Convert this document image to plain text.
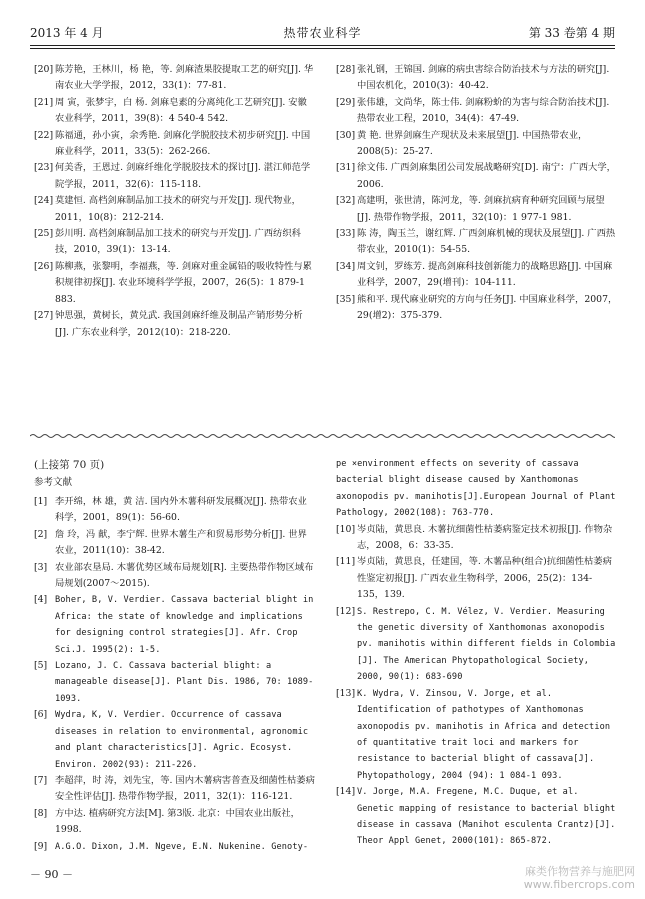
2013 年 4 月	热带农业科学	第 33 卷第 4 期
[20] 陈芳艳，王林川，杨 艳，等. 剑麻渣果胶提取工艺的研究[J]. 华南农业大学学报，2012，33(1)：77-81.
[21] 周 寅，张梦宇，白 杨. 剑麻皂素的分离纯化工艺研究[J]. 安徽农业科学，2011，39(8)：4 540-4 542.
[22] 陈福通，孙小寅，余秀艳. 剑麻化学脱胶技术初步研究[J]. 中国麻业科学，2011，33(5)：262-266.
[23] 何美香，王恩过. 剑麻纤维化学脱胶技术的探讨[J]. 湛江师范学院学报，2011，32(6)：115-118.
[24] 莫建恒. 高档剑麻制品加工技术的研究与开发[J]. 现代物业，2011，10(8)：212-214.
[25] 彭川明. 高档剑麻制品加工技术的研究与开发[J]. 广西纺织科技，2010，39(1)：13-14.
[26] 陈柳燕，张黎明，李福燕，等. 剑麻对重金属铅的吸收特性与累积规律初探[J]. 农业环境科学学报，2007，26(5)：1 879-1 883.
[27] 钟思强，黄树长，黄兑武. 我国剑麻纤维及制品产销形势分析[J]. 广东农业科学，2012(10)：218-220.
[28] 张礼钢，王锦国. 剑麻的病虫害综合防治技术与方法的研究[J]. 中国农机化，2010(3)：40-42.
[29] 张伟雄，文尚华，陈士伟. 剑麻粉蚧的为害与综合防治技术[J]. 热带农业工程，2010，34(4)：47-49.
[30] 黄 艳. 世界剑麻生产现状及未来展望[J]. 中国热带农业，2008(5)：25-27.
[31] 徐文伟. 广西剑麻集团公司发展战略研究[D]. 南宁：广西大学，2006.
[32] 高建明，张世清，陈河龙，等. 剑麻抗病育种研究回顾与展望[J]. 热带作物学报，2011，32(10)：1 977-1 981.
[33] 陈 涛，陶玉兰，谢红辉. 广西剑麻机械的现状及展望[J]. 广西热带农业，2010(1)：54-55.
[34] 周文钊，罗练芳. 提高剑麻科技创新能力的战略思路[J]. 中国麻业科学，2007，29(增刊)：104-111.
[35] 熊和平. 现代麻业研究的方向与任务[J]. 中国麻业科学，2007，29(增2)：375-379.
(上接第 70 页)
参考文献
[1] 李开绵，林 雄，黄 洁. 国内外木薯科研发展概况[J]. 热带农业科学，2001，89(1)：56-60.
[2] 詹 玲，冯 献，李宁辉. 世界木薯生产和贸易形势分析[J]. 世界农业，2011(10)：38-42.
[3] 农业部农垦局. 木薯优势区域布局规划[R]. 主要热带作物区域布局规划(2007～2015).
[4] Boher, B, V. Verdier. Cassava bacterial blight in Africa: the state of knowledge and implications for designing control strategies[J]. Afr. Crop Sci.J. 1995(2): 1-5.
[5] Lozano, J. C. Cassava bacterial blight: a manageable disease[J]. Plant Dis. 1986, 70: 1089-1093.
[6] Wydra, K, V. Verdier. Occurrence of cassava diseases in relation to environmental, agronomic and plant characteristics[J]. Agric. Ecosyst. Environ. 2002(93): 211-226.
[7] 李超萍，时 涛，刘先宝，等. 国内木薯病害普查及细菌性枯萎病安全性评估[J]. 热带作物学报，2011，32(1)：116-121.
[8] 方中达. 植病研究方法[M]. 第3版. 北京：中国农业出版社，1998.
[9] A.G.O. Dixon, J.M. Ngeve, E.N. Nukenine. Genoty-
pe ×environment effects on severity of cassava bacterial blight disease caused by Xanthomonas axonopodis pv. manihotis[J].European Journal of Plant Pathology, 2002(108): 763-770.
[10] 岑贞陆，黄思良. 木薯抗细菌性枯萎病鉴定技术初报[J]. 作物杂志，2008，6：33-35.
[11] 岑贞陆，黄思良，任建国，等. 木薯品种(组合)抗细菌性枯萎病性鉴定初报[J]. 广西农业生物科学，2006，25(2)：134-135，139.
[12] S. Restrepo, C. M. Vélez, V. Verdier. Measuring the genetic diversity of Xanthomonas axonopodis pv. manihotis within different fields in Colombia [J]. The American Phytopathological Society, 2000, 90(1): 683-690
[13] K. Wydra, V. Zinsou, V. Jorge, et al. Identification of pathotypes of Xanthomonas axonopodis pv. manihotis in Africa and detection of quantitative trait loci and markers for resistance to bacterial blight of cassava[J]. Phytopathology, 2004 (94): 1 084-1 093.
[14] V. Jorge, M.A. Fregene, M.C. Duque, et al. Genetic mapping of resistance to bacterial blight disease in cassava (Manihot esculenta Crantz)[J]. Theor Appl Genet, 2000(101): 865-872.
－ 90 －	麻类作物营养与施肥网
www.fibercrops.com
